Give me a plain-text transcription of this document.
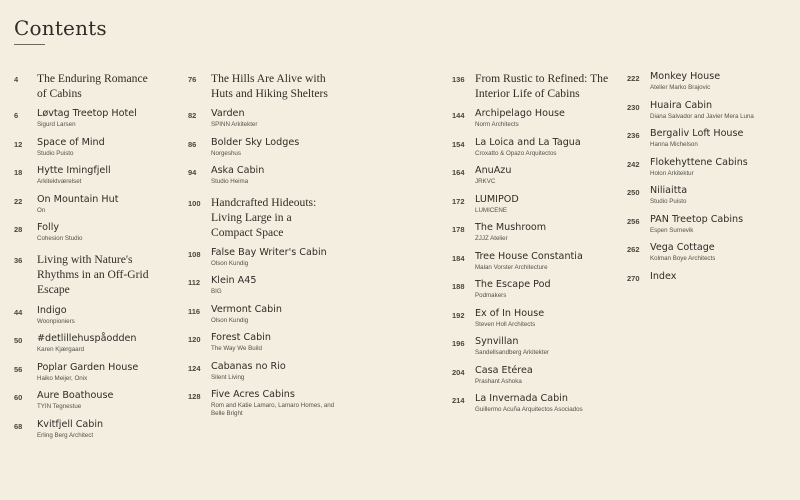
Contents
4 The Enduring Romance of Cabins
6 Løvtag Treetop Hotel
Sigurd Larsen
12 Space of Mind
Studio Puisto
18 Hytte Imingfjell
Arkitektværelset
22 On Mountain Hut
On
28 Folly
Cohesion Studio
36 Living with Nature's Rhythms in an Off-Grid Escape
44 Indigo
Woonpioniers
50 #detlillehuspåodden
Karen Kjærgaard
56 Poplar Garden House
Haiko Meijer, Onix
60 Aure Boathouse
TYIN Tegnestue
68 Kvitfjell Cabin
Erling Berg Architect
76 The Hills Are Alive with Huts and Hiking Shelters
82 Varden
SPINN Arkitekter
86 Bolder Sky Lodges
Norgeshus
94 Aska Cabin
Studio Heima
100 Handcrafted Hideouts: Living Large in a Compact Space
108 False Bay Writer's Cabin
Olson Kundig
112 Klein A45
BIG
116 Vermont Cabin
Olson Kundig
120 Forest Cabin
The Way We Build
124 Cabanas no Rio
Silent Living
128 Five Acres Cabins
Rom and Katie Lamaro, Lamaro Homes, and Belle Bright
136 From Rustic to Refined: The Interior Life of Cabins
144 Archipelago House
Norm Architects
154 La Loica and La Tagua
Croxatto & Opazo Arquitectos
164 AnuAzu
JRKVC
172 LUMIPOD
LUMICENE
178 The Mushroom
ZJJZ Atelier
184 Tree House Constantia
Malan Vorster Architecture
188 The Escape Pod
Podmakers
192 Ex of In House
Steven Holl Architects
196 Synvillan
Sandellsandberg Arkitekter
204 Casa Etérea
Prashant Ashoka
214 La Invernada Cabin
Guillermo Acuña Arquitectos Asociados
222 Monkey House
Atelier Marko Brajovic
230 Huaira Cabin
Diana Salvador and Javier Mera Luna
236 Bergaliv Loft House
Hanna Michelson
242 Flokehyttene Cabins
Holon Arkitektur
250 Niliaitta
Studio Puisto
256 PAN Treetop Cabins
Espen Surnevik
262 Vega Cottage
Kolman Boye Architects
270 Index
